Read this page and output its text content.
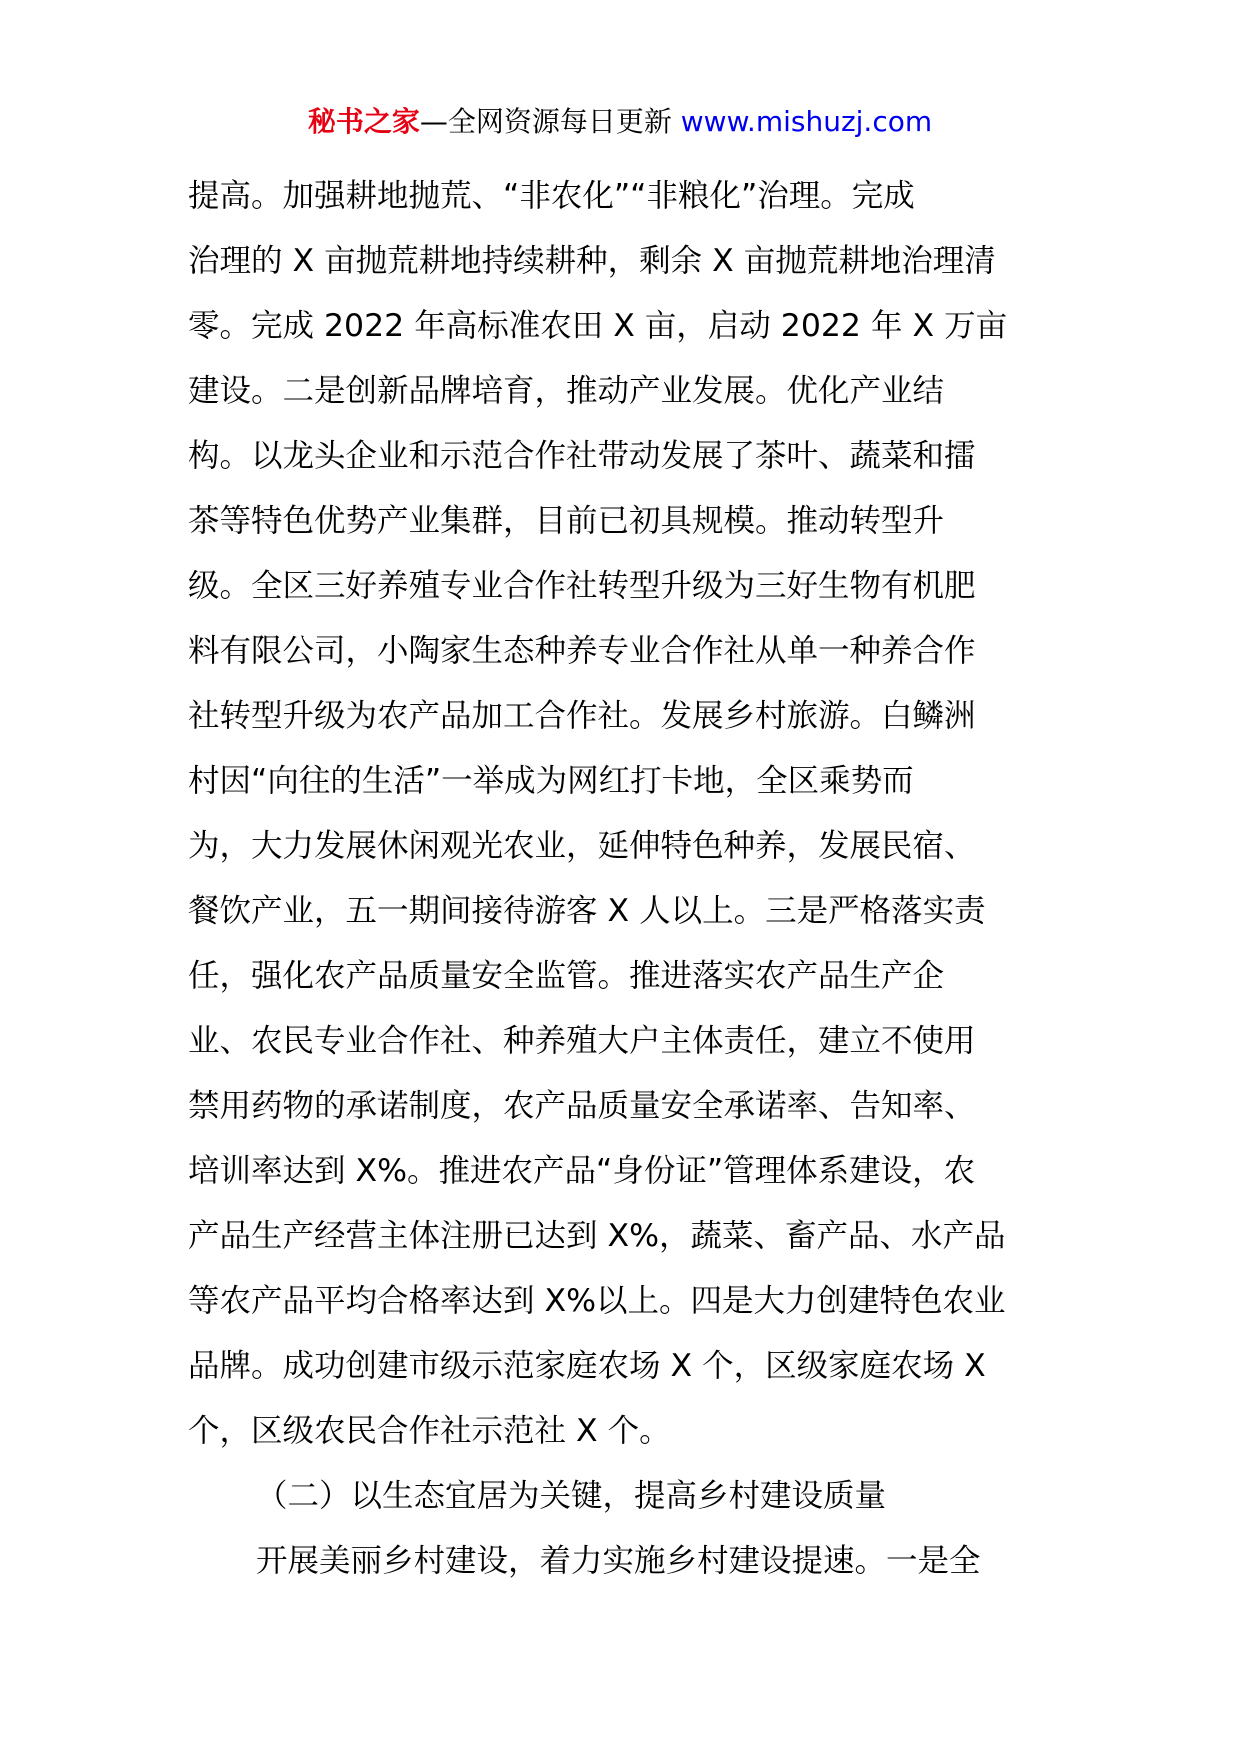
秘书之家—全网资源每日更新 www.mishuzj.com
提高。加强耕地抛荒、“非农化”“非粮化”治理。完成
治理的 X 亩抛荒耕地持续耕种，剩余 X 亩抛荒耕地治理清
零。完成 2022 年高标准农田 X 亩，启动 2022 年 X 万亩
建设。二是创新品牌培育，推动产业发展。优化产业结
构。以龙头企业和示范合作社带动发展了茶叶、蔬菜和擂
茶等特色优势产业集群，目前已初具规模。推动转型升
级。全区三好养殖专业合作社转型升级为三好生物有机肥
料有限公司，小陶家生态种养专业合作社从单一种养合作
社转型升级为农产品加工合作社。发展乡村旅游。白鳞洲
村因“向往的生活”一举成为网红打卡地，全区乘势而
为，大力发展休闲观光农业，延伸特色种养，发展民宿、
餐饮产业，五一期间接待游客 X 人以上。三是严格落实责
任，强化农产品质量安全监管。推进落实农产品生产企
业、农民专业合作社、种养殖大户主体责任，建立不使用
禁用药物的承诺制度，农产品质量安全承诺率、告知率、
培训率达到 X%。推进农产品“身份证”管理体系建设，农
产品生产经营主体注册已达到 X%，蔬菜、畜产品、水产品
等农产品平均合格率达到 X%以上。四是大力创建特色农业
品牌。成功创建市级示范家庭农场 X 个，区级家庭农场 X
个，区级农民合作社示范社 X 个。
（二）以生态宜居为关键，提高乡村建设质量
开展美丽乡村建设，着力实施乡村建设提速。一是全
